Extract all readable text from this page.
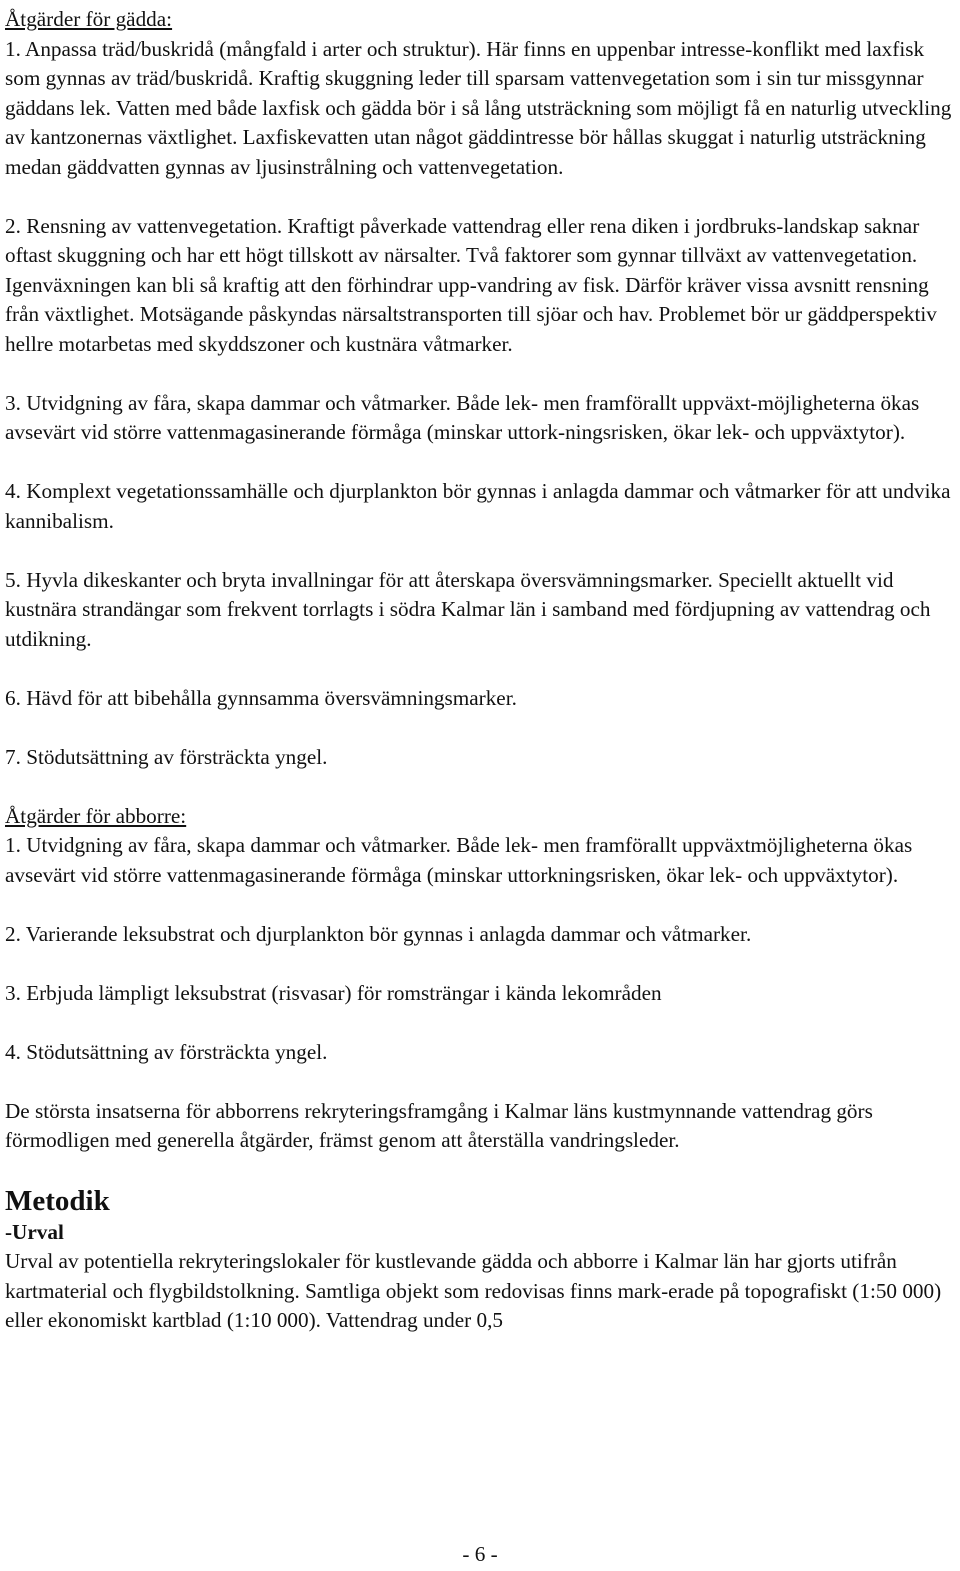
Åtgärder för gädda:

1. Anpassa träd/buskridå (mångfald i arter och struktur). Här finns en uppenbar intresse-konflikt med laxfisk som gynnas av träd/buskridå. Kraftig skuggning leder till sparsam vattenvegetation som i sin tur missgynnar gäddans lek. Vatten med både laxfisk och gädda bör i så lång utsträckning som möjligt få en naturlig utveckling av kantzonernas växtlighet. Laxfiskevatten utan något gäddintresse bör hållas skuggat i naturlig utsträckning medan gäddvatten gynnas av ljusinstrålning och vattenvegetation.

2. Rensning av vattenvegetation. Kraftigt påverkade vattendrag eller rena diken i jordbruks-landskap saknar oftast skuggning och har ett högt tillskott av närsalter. Två faktorer som gynnar tillväxt av vattenvegetation. Igenväxningen kan bli så kraftig att den förhindrar upp-vandring av fisk. Därför kräver vissa avsnitt rensning från växtlighet. Motsägande påskyndas närsaltstransporten till sjöar och hav. Problemet bör ur gäddperspektiv hellre motarbetas med skyddszoner och kustnära våtmarker.

3. Utvidgning av fåra, skapa dammar och våtmarker. Både lek- men framförallt uppväxt-möjligheterna ökas avsevärt vid större vattenmagasinerande förmåga (minskar uttork-ningsrisken, ökar lek- och uppväxtytor).

4. Komplext vegetationssamhälle och djurplankton bör gynnas i anlagda dammar och våtmarker för att undvika kannibalism.

5. Hyvla dikeskanter och bryta invallningar för att återskapa översvämningsmarker. Speciellt aktuellt vid kustnära strandängar som frekvent torrlagts i södra Kalmar län i samband med fördjupning av vattendrag och utdikning.

6. Hävd för att bibehålla gynnsamma översvämningsmarker.

7. Stödutsättning av försträckta yngel.

Åtgärder för abborre:

1. Utvidgning av fåra, skapa dammar och våtmarker. Både lek- men framförallt uppväxtmöjligheterna ökas avsevärt vid större vattenmagasinerande förmåga (minskar uttorkningsrisken, ökar lek- och uppväxtytor).

2. Varierande leksubstrat och djurplankton bör gynnas i anlagda dammar och våtmarker.

3. Erbjuda lämpligt leksubstrat (risvasar) för romsträngar i kända lekområden

4. Stödutsättning av försträckta yngel.

De största insatserna för abborrens rekryteringsframgång i Kalmar läns kustmynnande vattendrag görs förmodligen med generella åtgärder, främst genom att återställa vandringsleder.

Metodik

-Urval

Urval av potentiella rekryteringslokaler för kustlevande gädda och abborre i Kalmar län har gjorts utifrån kartmaterial och flygbildstolkning. Samtliga objekt som redovisas finns mark-erade på topografiskt (1:50 000) eller ekonomiskt kartblad (1:10 000). Vattendrag under 0,5

- 6 -
